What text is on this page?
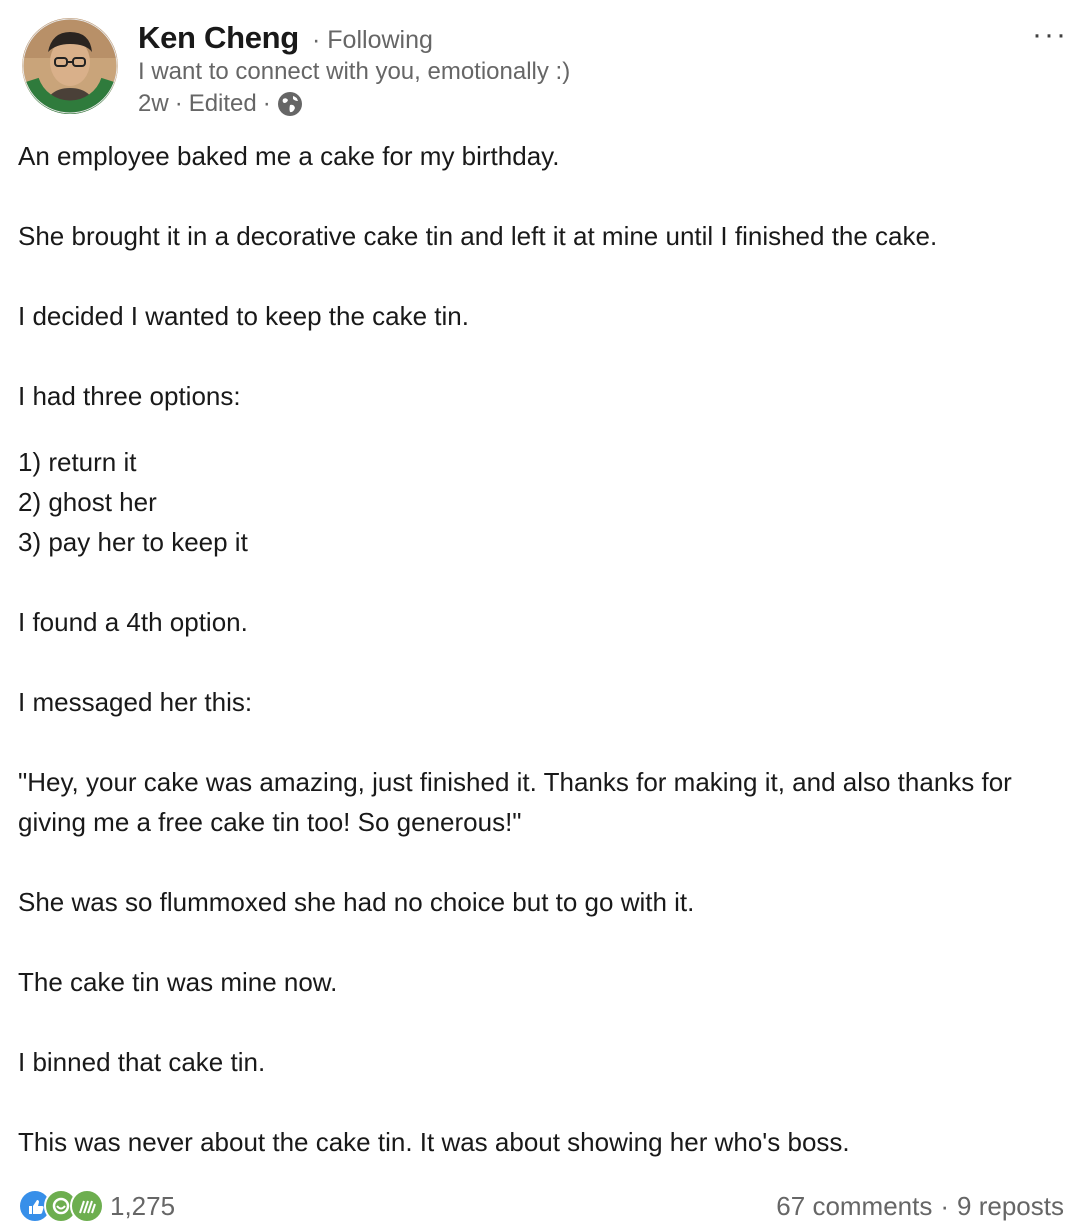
Ken Cheng · Following
I want to connect with you, emotionally :)
2w · Edited ·
···

An employee baked me a cake for my birthday.

She brought it in a decorative cake tin and left it at mine until I finished the cake.

I decided I wanted to keep the cake tin.

I had three options:

1) return it
2) ghost her
3) pay her to keep it

I found a 4th option.

I messaged her this:

"Hey, your cake was amazing, just finished it. Thanks for making it, and also thanks for giving me a free cake tin too! So generous!"

She was so flummoxed she had no choice but to go with it.

The cake tin was mine now.

I binned that cake tin.

This was never about the cake tin. It was about showing her who's boss.

1,275	67 comments · 9 reposts
